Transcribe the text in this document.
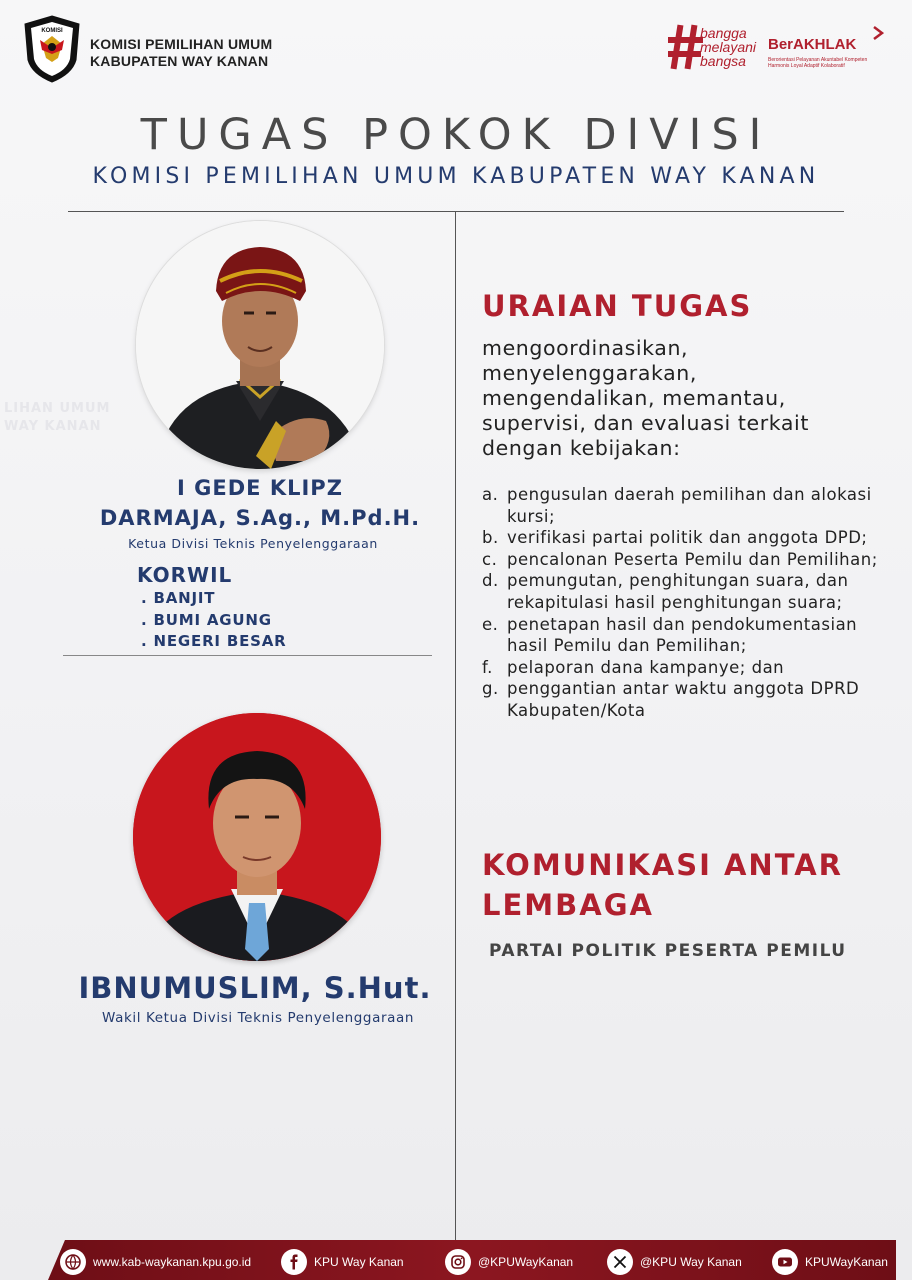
KOMISI
KOMISI PEMILIHAN UMUM
KABUPATEN WAY KANAN
bangga
melayani
bangsa
BerAKHLAK
Berorientasi Pelayanan Akuntabel Kompeten Harmonis Loyal Adaptif Kolaboratif
TUGAS POKOK DIVISI
KOMISI PEMILIHAN UMUM KABUPATEN WAY KANAN
LIHAN UMUM
WAY KANAN
I GEDE KLIPZ
DARMAJA, S.Ag., M.Pd.H.
Ketua Divisi Teknis Penyelenggaraan
KORWIL
. BANJIT
. BUMI AGUNG
. NEGERI BESAR
IBNUMUSLIM, S.Hut.
Wakil Ketua Divisi Teknis Penyelenggaraan
URAIAN TUGAS
mengoordinasikan,
menyelenggarakan,
mengendalikan, memantau,
supervisi, dan evaluasi terkait
dengan kebijakan:
a. pengusulan daerah pemilihan dan alokasi kursi;
b. verifikasi partai politik dan anggota DPD;
c. pencalonan Peserta Pemilu dan Pemilihan;
d. pemungutan, penghitungan suara, dan rekapitulasi hasil penghitungan suara;
e. penetapan hasil dan pendokumentasian hasil Pemilu dan Pemilihan;
f. pelaporan dana kampanye; dan
g. penggantian antar waktu anggota DPRD Kabupaten/Kota
KOMUNIKASI ANTAR
LEMBAGA
PARTAI POLITIK PESERTA PEMILU
www.kab-waykanan.kpu.go.id	KPU Way Kanan	@KPUWayKanan	@KPU Way Kanan	KPUWayKanan
